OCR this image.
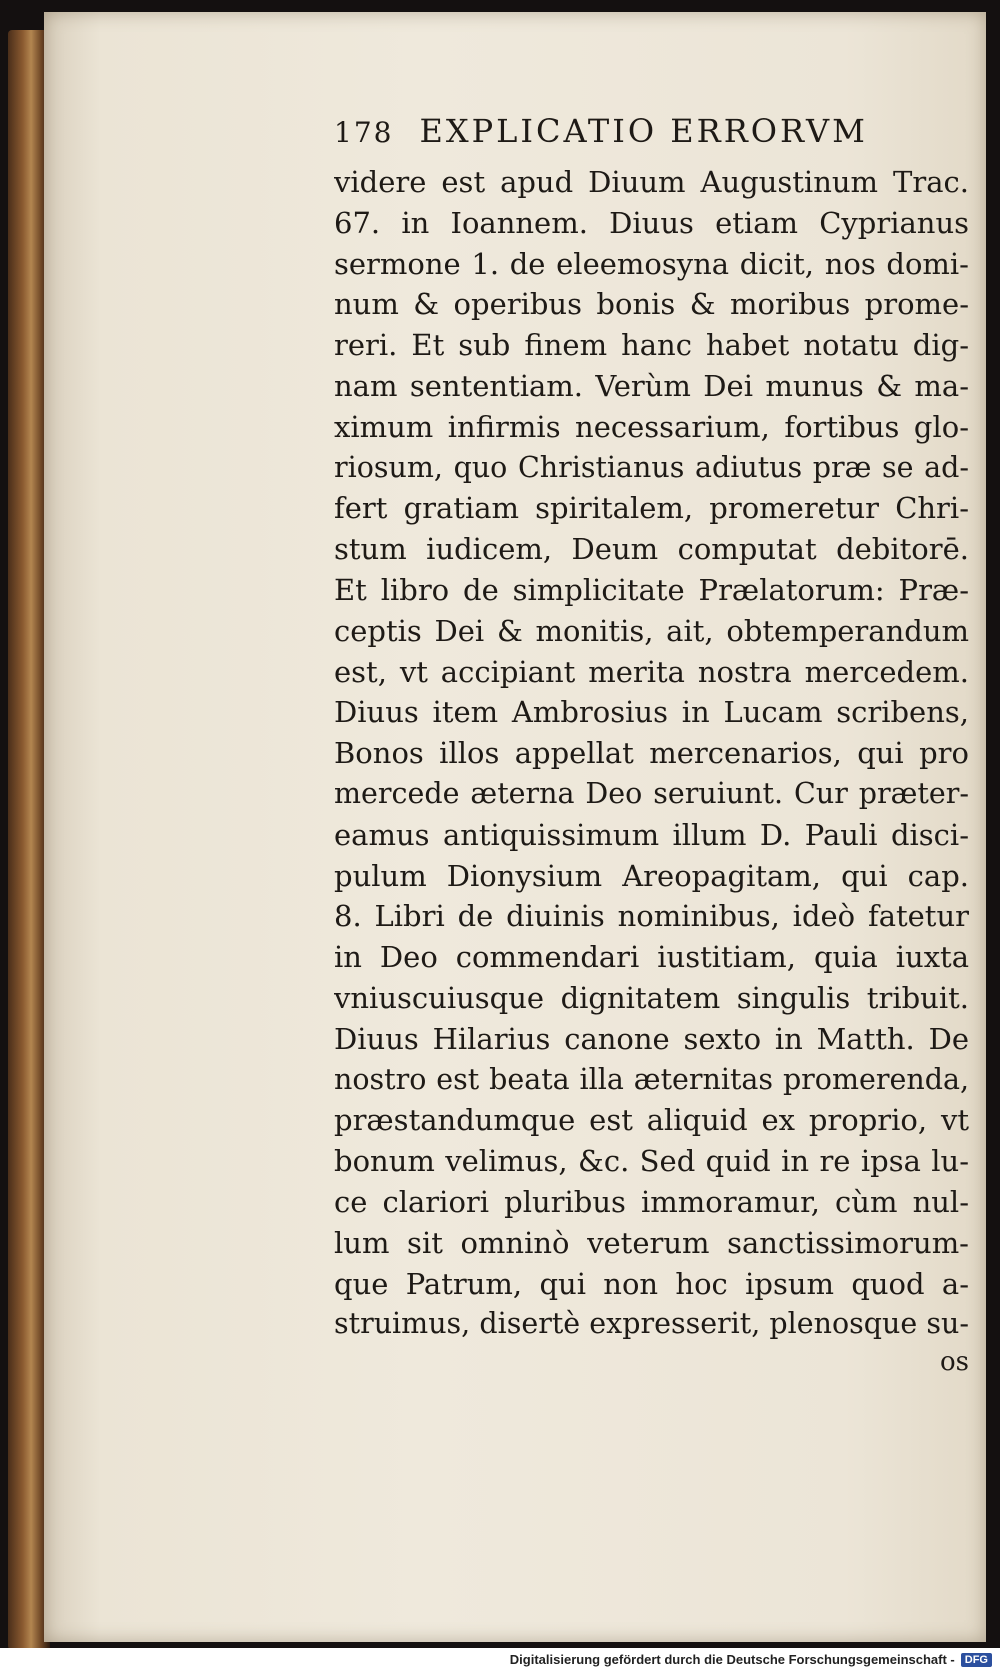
178 EXPLICATIO ERRORVM
videre est apud Diuum Augustinum Trac.
67. in Ioannem. Diuus etiam Cyprianus
sermone 1. de eleemosyna dicit, nos domi-
num & operibus bonis & moribus prome-
reri. Et sub finem hanc habet notatu dig-
nam sententiam. Verùm Dei munus & ma-
ximum infirmis necessarium, fortibus glo-
riosum, quo Christianus adiutus præ se ad-
fert gratiam spiritalem, promeretur Chri-
stum iudicem, Deum computat debitorē.
Et libro de simplicitate Prælatorum: Præ-
ceptis Dei & monitis, ait, obtemperandum
est, vt accipiant merita nostra mercedem.
Diuus item Ambrosius in Lucam scribens,
Bonos illos appellat mercenarios, qui pro
mercede æterna Deo seruiunt. Cur præter-
eamus antiquissimum illum D. Pauli disci-
pulum Dionysium Areopagitam, qui cap.
8. Libri de diuinis nominibus, ideò fatetur
in Deo commendari iustitiam, quia iuxta
vniuscuiusque dignitatem singulis tribuit.
Diuus Hilarius canone sexto in Matth. De
nostro est beata illa æternitas promerenda,
præstandumque est aliquid ex proprio, vt
bonum velimus, &c. Sed quid in re ipsa lu-
ce clariori pluribus immoramur, cùm nul-
lum sit omninò veterum sanctissimorum-
que Patrum, qui non hoc ipsum quod a-
struimus, disertè expresserit, plenosque su-
os
Digitalisierung gefördert durch die Deutsche Forschungsgemeinschaft - DFG
